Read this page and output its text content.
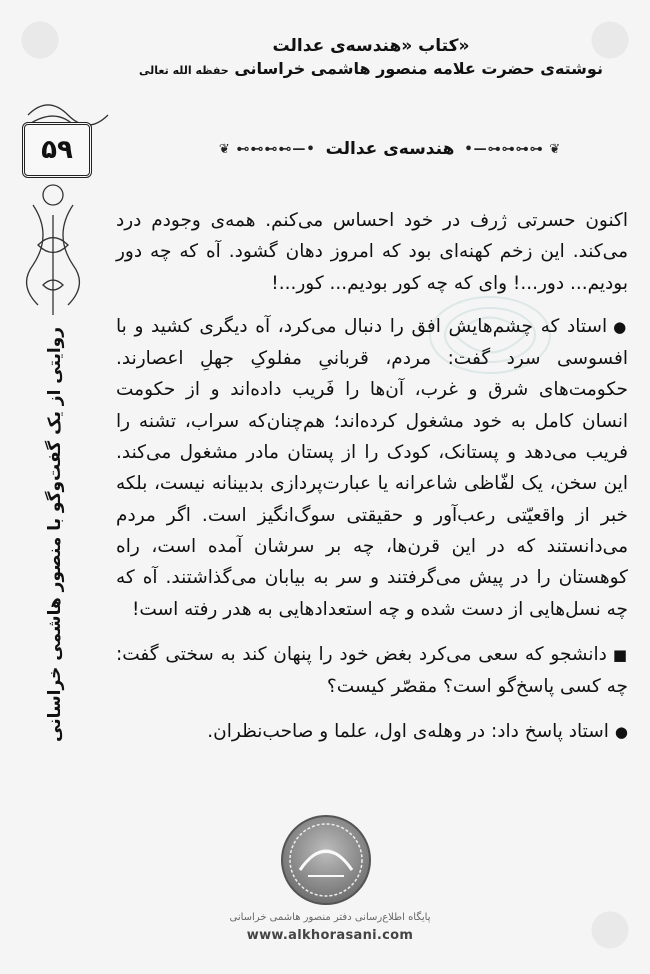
کتاب «هندسه‌ی عدالت»
نوشته‌ی حضرت علامه منصور هاشمی خراسانی حفظه الله تعالی
۵۹	❦ ⊷⊷⊷⊷—•
هندسه‌ی عدالت
•—⊶⊶⊶⊶ ❦
روایتی از یک گفت‌وگو با منصور هاشمی خراسانی

اکنون حسرتی ژرف در خود احساس می‌کنم. همه‌ی وجودم درد می‌کند. این زخم کهنه‌ای بود که امروز دهان گشود. آه که چه دور بودیم... دور...! وای که چه کور بودیم... کور...!

●استاد که چشم‌هایش افق را دنبال می‌کرد، آه دیگری کشید و با افسوسی سرد گفت: مردم، قربانیِ مفلوکِ جهلِ اعصارند. حکومت‌های شرق و غرب، آن‌ها را فَریب داده‌اند و از حکومت انسان کامل به خود مشغول کرده‌اند؛ هم‌چنان‌که سراب، تشنه را فریب می‌دهد و پستانک، کودک را از پستان مادر مشغول می‌کند. این سخن، یک لفّاظی شاعرانه یا عبارت‌پردازی بدبینانه نیست، بلکه خبر از واقعیّتی رعب‌آور و حقیقتی سوگ‌انگیز است. اگر مردم می‌دانستند که در این قرن‌ها، چه بر سرشان آمده است، راه کوهستان را در پیش می‌گرفتند و سر به بیابان می‌گذاشتند. آه که چه نسل‌هایی از دست شده و چه استعدادهایی به هدر رفته است!

■دانشجو که سعی می‌کرد بغض خود را پنهان کند به سختی گفت: چه کسی پاسخ‌گو است؟ مقصّر کیست؟

●استاد پاسخ داد: در وهله‌ی اول، علما و صاحب‌نظران.

پایگاه اطلاع‌رسانی دفتر منصور هاشمی خراسانی
www.alkhorasani.com
